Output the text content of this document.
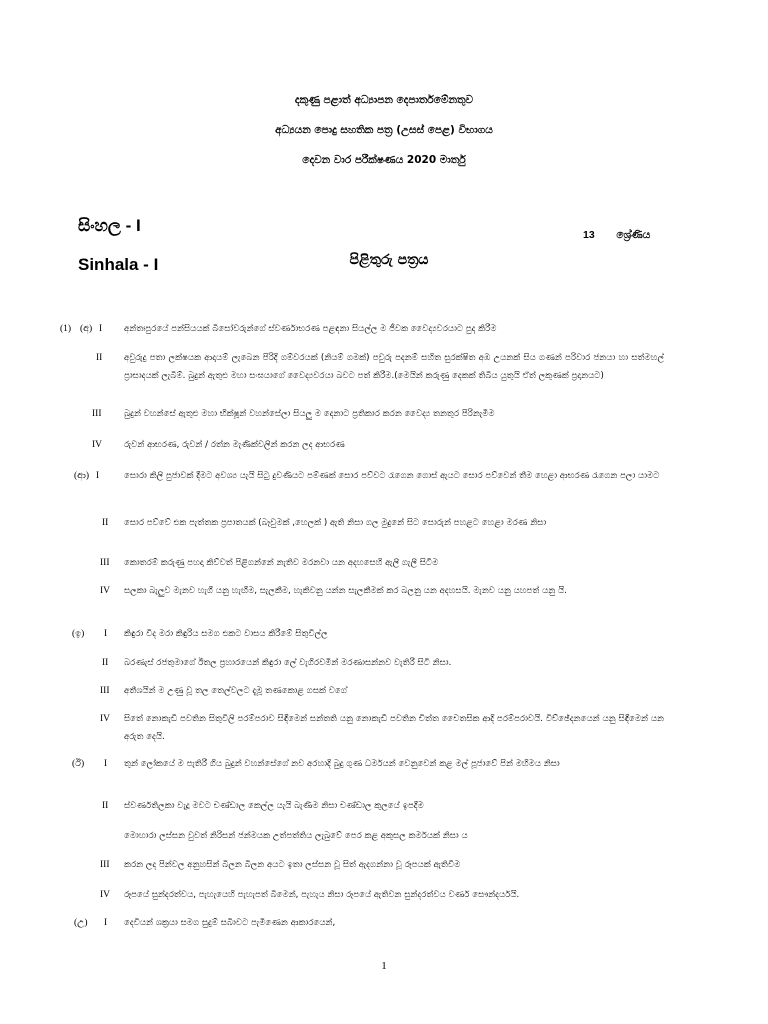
දකුණු පළාත් අධ්‍යාපන දෙපාර්තමේනතුව
අධ්‍යයන පොදු සහතික පත්‍ර (උසස් පෙළ) විභාගය
දෙවන වාර පරීක්ෂණය 2020 මාර්තු
සිංහල - I
Sinhala - I
13 ශ්‍රේණිය
පිළිතුරු පත්‍රය
(1) (අ) I	අන්තඃපුරයේ පන්සියයක් බිසෝවරුන්ගේ ස්වර්ණාභරණ පළඳනා සියල්ල ම ජීවක වෛද්‍යවරයාට පුද කිරීම
II	අවුරුදු පතා ලක්ෂයක ආදායම් ලැබෙන පිරිදි ගම්වරයක් (නියම් ගමක්) පවුරු පදනම් සහිත සුරක්ෂිත අඹ උයනක් සිය ගණන් පරිවාර ජනයා හා සත්මහල් ප්‍රාසාදයක් ලැබීම්. බුදුන් ඇතුළු මහා සංඝයාගේ වෛද්‍යවරයා බවට පත් කිරීම.(මෙයින් කරුණු දෙකක් තිබීය යුතුයි ඒත් ලකුණක් ප්‍රදානයට)
III	බුදුන් වහන්සේ ඇතුළු මහා භික්ෂූන් වහන්සේලා සියලු ම දෙනාට ප්‍රතිකාර කරන වෛද්‍ය තනතුර පිරිනැමීම
IV	රුවන් ආභරණ, රුවන් / රත්න මැණික්වලින් කරන ලද ආභරණ
(ආ) I	සොරා කිලි පුජාවක් දීමට අවශ්‍ය යැයි සිටු දුවණියට පම්ණක් සොර පව්වට රැගෙන ගොස් ඇයට සොර පව්වෙන් තීම හෙළා ආභරණ රැගෙන පලා යාමට
II සොර පව්වේ එක පැත්තක ප්‍රපාතයක් (බෑවුමක් ,හෙලක් ) ඇති නිසා ගල මුදුනේ සිට සොරුන් පහළට හෙළා මරණ නිසා
III කොතරම් කරුණු පහදා කිව්වත් පිළිගන්නේ නැතිව මරනවා යන අදහසෙහි ඇලී ගැලී සිටීම
IV සලකා බැලුව මැනව හැගී යනු හැඟීම, සැලකීම, හැකිවනු යන්න සැලකීමක් කර බලනු යන අදහසයි. මැනව යනු යහපත් යනු යි.
(ඉ) I කිඳුරා විද මරා කිඳුරිය සමග එකට වාසය කිරීමේ සිතුවිල්ල
II බරණැස් රජතුමාගේ ඊතල ප්‍රහාරයෙන් කිඳුරා ලේ වැගිරවමින් මරණාසන්නව වැතිරී සිටි නිසා.
III අතීශයින් ම උණු වූ තල තෙල්වලට දැමූ තණකොළ ගසක් වගේ
IV සිතේ නොකැඩී පවතින සිතුවිලි පරම්පරාව සිඳීමෙන් සන්තති යනු නොකැඩී පවතින චිත්ත චෛතසික ආදි පරම්පරාවයි. විච්ඡේදනයෙන් යනු සිඳීමෙන් යන අරුත දෙයි.
(ඊ) I තුන් ලෝකයේ ම පැතිරී ගිය බුදුන් වහන්සේගේ නව අරහාදි බුදු ගුණ ධර්මයන් වෙනුවෙන් කළ මල් පූජාවේ පින් මහිමය නිසා
II ස්වර්ණතිලකා වැදූ මවට චණ්ඩාල කෙල්ල යැයි බැණීම නිසා චණ්ඩාල කුලයේ ඉපදීම
මොහාරා ලස්සන වුවත් නිරිසන් ජන්මයක උත්පත්තිය ලැබුවේ පෙර කළ අකුසල කර්මයක් නිසා ය
III කරන ලද පින්වල අනුහසින් බිලන බිලන අයට ඉතා ලස්සන වූ සිත් ඇදගන්නා වූ රූපයක් ඇතිවීම
IV රූපයේ සුන්දරත්වය, පැහැයෙහි පැහැපත් බිමෙන්, පැහැය නිසා රූපයේ ඇතිවන සුන්දරත්වය වර්ණ සෞන්දර්යයි.
(උ) I දෙවියන් ශක්‍රයා සමග සුදුම් සබිාවට පැමිණෙන ආකාරයෙන්,
1
